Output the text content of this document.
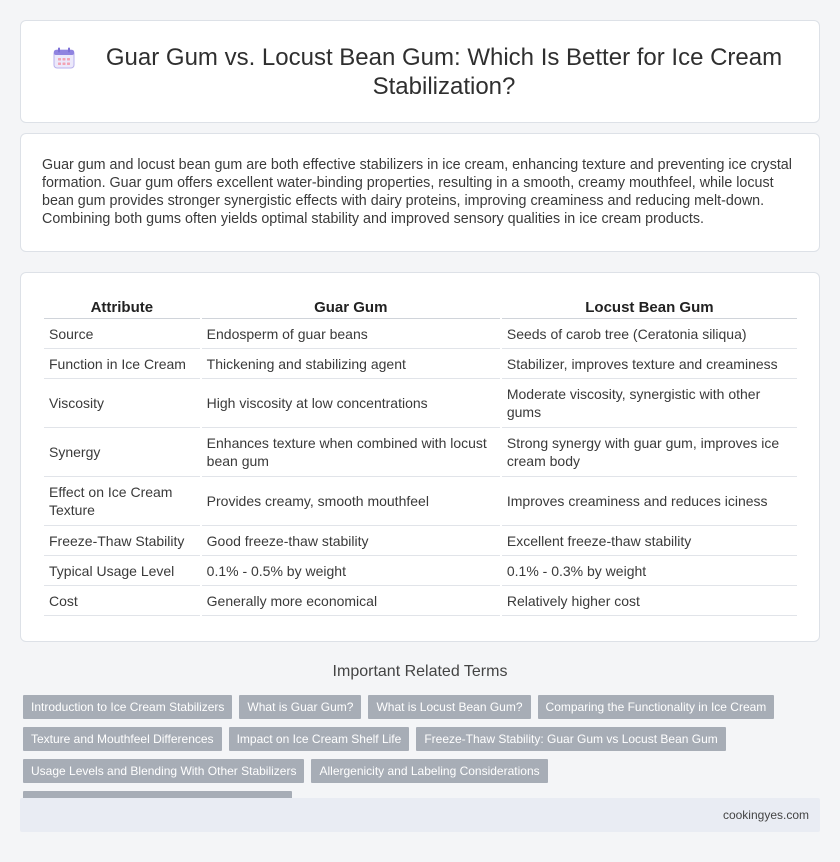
Guar Gum vs. Locust Bean Gum: Which Is Better for Ice Cream Stabilization?

Guar gum and locust bean gum are both effective stabilizers in ice cream, enhancing texture and preventing ice crystal formation. Guar gum offers excellent water-binding properties, resulting in a smooth, creamy mouthfeel, while locust bean gum provides stronger synergistic effects with dairy proteins, improving creaminess and reducing melt-down. Combining both gums often yields optimal stability and improved sensory qualities in ice cream products.

Attribute	Guar Gum	Locust Bean Gum
Source	Endosperm of guar beans	Seeds of carob tree (Ceratonia siliqua)
Function in Ice Cream	Thickening and stabilizing agent	Stabilizer, improves texture and creaminess
Viscosity	High viscosity at low concentrations	Moderate viscosity, synergistic with other gums
Synergy	Enhances texture when combined with locust bean gum	Strong synergy with guar gum, improves ice cream body
Effect on Ice Cream Texture	Provides creamy, smooth mouthfeel	Improves creaminess and reduces iciness
Freeze-Thaw Stability	Good freeze-thaw stability	Excellent freeze-thaw stability
Typical Usage Level	0.1% - 0.5% by weight	0.1% - 0.3% by weight
Cost	Generally more economical	Relatively higher cost
Important Related Terms
Introduction to Ice Cream Stabilizers	What is Guar Gum?	What is Locust Bean Gum?	Comparing the Functionality in Ice Cream
Texture and Mouthfeel Differences	Impact on Ice Cream Shelf Life	Freeze-Thaw Stability: Guar Gum vs Locust Bean Gum
Usage Levels and Blending With Other Stabilizers	Allergenicity and Labeling Considerations
cookingyes.com
